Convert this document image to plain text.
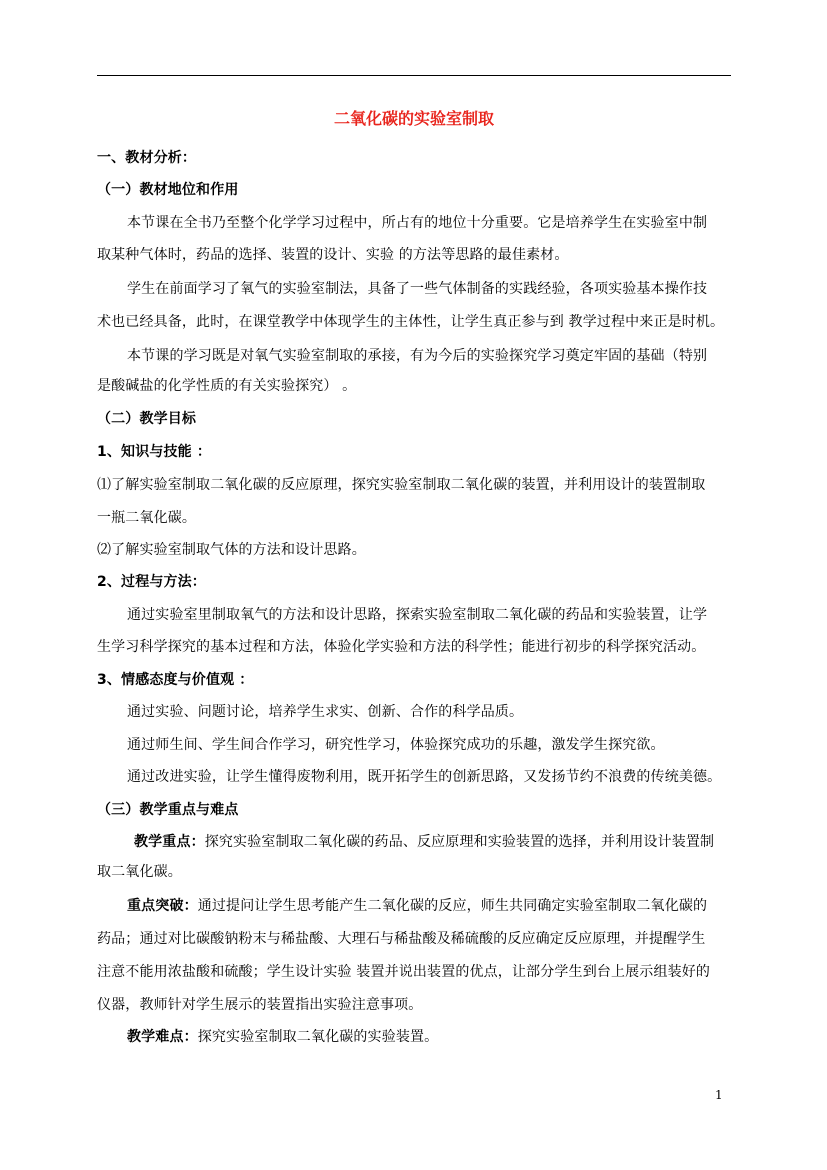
二氧化碳的实验室制取
一、教材分析：
（一）教材地位和作用
本节课在全书乃至整个化学学习过程中，所占有的地位十分重要。它是培养学生在实验室中制
取某种气体时，药品的选择、装置的设计、实验 的方法等思路的最佳素材。
学生在前面学习了氧气的实验室制法，具备了一些气体制备的实践经验，各项实验基本操作技
术也已经具备，此时，在课堂教学中体现学生的主体性，让学生真正参与到 教学过程中来正是时机。
本节课的学习既是对氧气实验室制取的承接，有为今后的实验探究学习奠定牢固的基础（特别
是酸碱盐的化学性质的有关实验探究） 。
（二）教学目标
1、知识与技能 ：
⑴了解实验室制取二氧化碳的反应原理，探究实验室制取二氧化碳的装置，并利用设计的装置制取
一瓶二氧化碳。
⑵了解实验室制取气体的方法和设计思路。
2、过程与方法：
通过实验室里制取氧气的方法和设计思路，探索实验室制取二氧化碳的药品和实验装置，让学
生学习科学探究的基本过程和方法，体验化学实验和方法的科学性；能进行初步的科学探究活动。
3、情感态度与价值观 ：
通过实验、问题讨论，培养学生求实、创新、合作的科学品质。
通过师生间、学生间合作学习，研究性学习，体验探究成功的乐趣，激发学生探究欲。
通过改进实验，让学生懂得废物利用，既开拓学生的创新思路，又发扬节约不浪费的传统美德。
（三）教学重点与难点
教学重点：探究实验室制取二氧化碳的药品、反应原理和实验装置的选择，并利用设计装置制
取二氧化碳。
重点突破：通过提问让学生思考能产生二氧化碳的反应，师生共同确定实验室制取二氧化碳的
药品；通过对比碳酸钠粉末与稀盐酸、大理石与稀盐酸及稀硫酸的反应确定反应原理，并提醒学生
注意不能用浓盐酸和硫酸；学生设计实验 装置并说出装置的优点，让部分学生到台上展示组装好的
仪器，教师针对学生展示的装置指出实验注意事项。
教学难点：探究实验室制取二氧化碳的实验装置。
1
